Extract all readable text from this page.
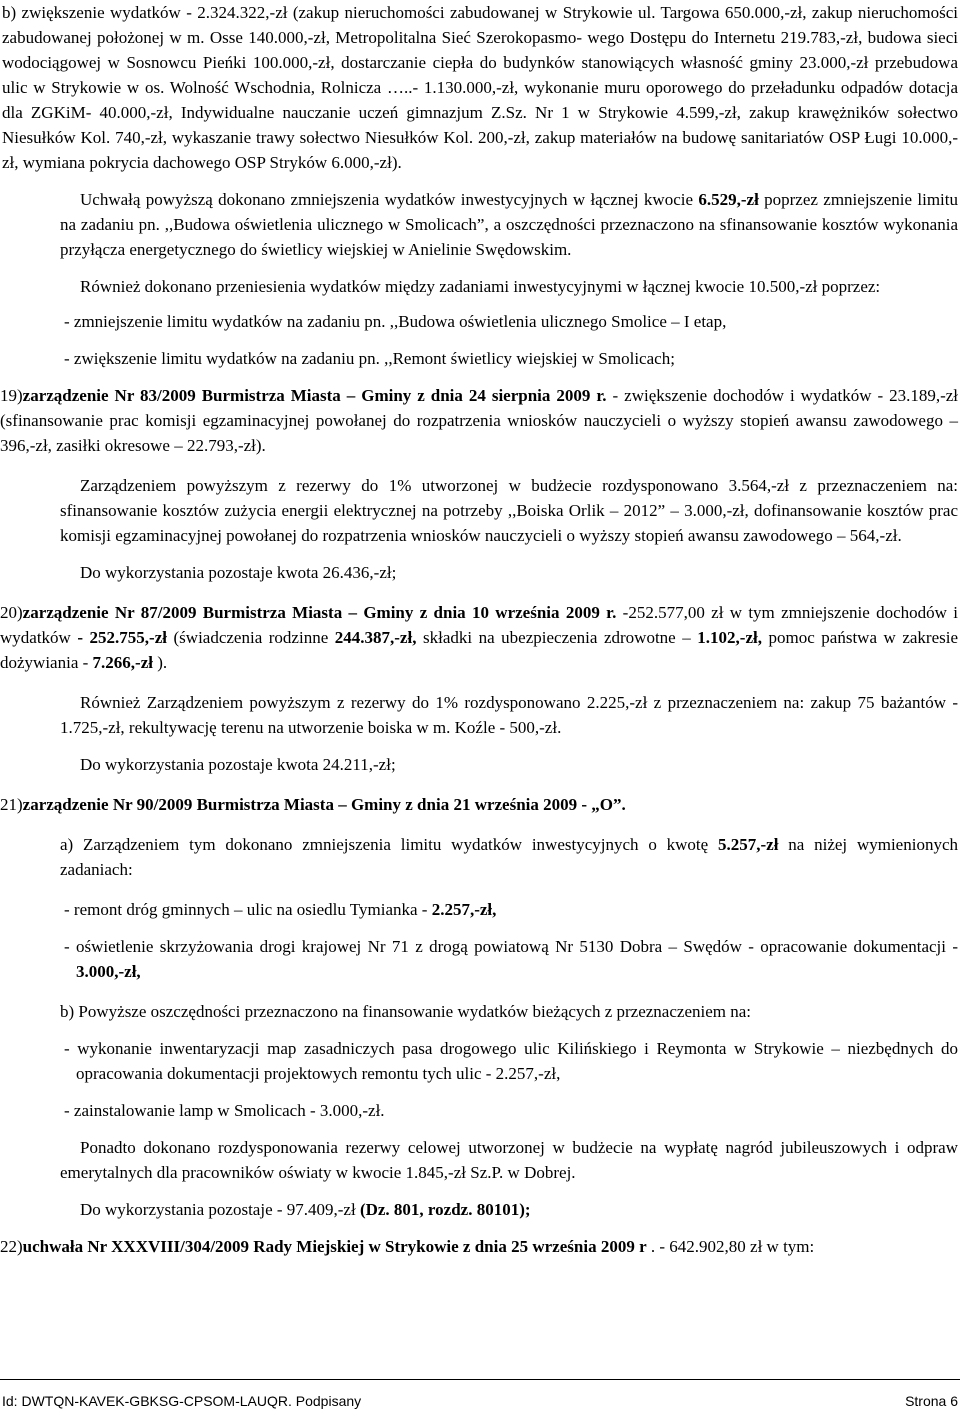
b) zwiększenie wydatków - 2.324.322,-zł (zakup nieruchomości zabudowanej w Strykowie ul. Targowa 650.000,-zł, zakup nieruchomości zabudowanej położonej w m. Osse 140.000,-zł, Metropolitalna Sieć Szerokopasmo- wego Dostępu do Internetu 219.783,-zł, budowa sieci wodociągowej w Sosnowcu Pieńki 100.000,-zł, dostarczanie ciepła do budynków stanowiących własność gminy 23.000,-zł przebudowa ulic w Strykowie w os. Wolność Wschodnia, Rolnicza …..- 1.130.000,-zł, wykonanie muru oporowego do przeładunku odpadów dotacja dla ZGKiM- 40.000,-zł, Indywidualne nauczanie uczeń gimnazjum Z.Sz. Nr 1 w Strykowie 4.599,-zł, zakup krawężników sołectwo Niesułków Kol. 740,-zł, wykaszanie trawy sołectwo Niesułków Kol. 200,-zł, zakup materiałów na budowę sanitariatów OSP Ługi 10.000,-zł, wymiana pokrycia dachowego OSP Stryków 6.000,-zł).

Uchwałą powyższą dokonano zmniejszenia wydatków inwestycyjnych w łącznej kwocie 6.529,-zł poprzez zmniejszenie limitu na zadaniu pn. ,,Budowa oświetlenia ulicznego w Smolicach”, a oszczędności przeznaczono na sfinansowanie kosztów wykonania przyłącza energetycznego do świetlicy wiejskiej w Anielinie Swędowskim.

Również dokonano przeniesienia wydatków między zadaniami inwestycyjnymi w łącznej kwocie 10.500,-zł poprzez:

- zmniejszenie limitu wydatków na zadaniu pn. ,,Budowa oświetlenia ulicznego Smolice – I etap,

- zwiększenie limitu wydatków na zadaniu pn. ,,Remont świetlicy wiejskiej w Smolicach;

19)zarządzenie Nr 83/2009 Burmistrza Miasta – Gminy z dnia 24 sierpnia 2009 r. - zwiększenie dochodów i wydatków - 23.189,-zł (sfinansowanie prac komisji egzaminacyjnej powołanej do rozpatrzenia wniosków nauczycieli o wyższy stopień awansu zawodowego – 396,-zł, zasiłki okresowe – 22.793,-zł).

Zarządzeniem powyższym z rezerwy do 1% utworzonej w budżecie rozdysponowano 3.564,-zł z przeznaczeniem na: sfinansowanie kosztów zużycia energii elektrycznej na potrzeby ,,Boiska Orlik – 2012” – 3.000,-zł, dofinansowanie kosztów prac komisji egzaminacyjnej powołanej do rozpatrzenia wniosków nauczycieli o wyższy stopień awansu zawodowego – 564,-zł.

Do wykorzystania pozostaje kwota 26.436,-zł;

20)zarządzenie Nr 87/2009 Burmistrza Miasta – Gminy z dnia 10 września 2009 r. -252.577,00 zł w tym zmniejszenie dochodów i wydatków - 252.755,-zł (świadczenia rodzinne 244.387,-zł, składki na ubezpieczenia zdrowotne – 1.102,-zł, pomoc państwa w zakresie dożywiania - 7.266,-zł ).

Również Zarządzeniem powyższym z rezerwy do 1% rozdysponowano 2.225,-zł z przeznaczeniem na: zakup 75 bażantów - 1.725,-zł, rekultywację terenu na utworzenie boiska w m. Koźle - 500,-zł.

Do wykorzystania pozostaje kwota 24.211,-zł;

21)zarządzenie Nr 90/2009 Burmistrza Miasta – Gminy z dnia 21 września 2009 - „O”.

a) Zarządzeniem tym dokonano zmniejszenia limitu wydatków inwestycyjnych o kwotę 5.257,-zł na niżej wymienionych zadaniach:

- remont dróg gminnych – ulic na osiedlu Tymianka - 2.257,-zł,

- oświetlenie skrzyżowania drogi krajowej Nr 71 z drogą powiatową Nr 5130 Dobra – Swędów - opracowanie dokumentacji - 3.000,-zł,

b) Powyższe oszczędności przeznaczono na finansowanie wydatków bieżących z przeznaczeniem na:

- wykonanie inwentaryzacji map zasadniczych pasa drogowego ulic Kilińskiego i Reymonta w Strykowie – niezbędnych do opracowania dokumentacji projektowych remontu tych ulic - 2.257,-zł,

- zainstalowanie lamp w Smolicach - 3.000,-zł.

Ponadto dokonano rozdysponowania rezerwy celowej utworzonej w budżecie na wypłatę nagród jubileuszowych i odpraw emerytalnych dla pracowników oświaty w kwocie 1.845,-zł Sz.P. w Dobrej.

Do wykorzystania pozostaje - 97.409,-zł (Dz. 801, rozdz. 80101);

22)uchwała Nr XXXVIII/304/2009 Rady Miejskiej w Strykowie z dnia 25 września 2009 r . - 642.902,80 zł w tym:

Id: DWTQN-KAVEK-GBKSG-CPSOM-LAUQR. Podpisany	Strona 6
